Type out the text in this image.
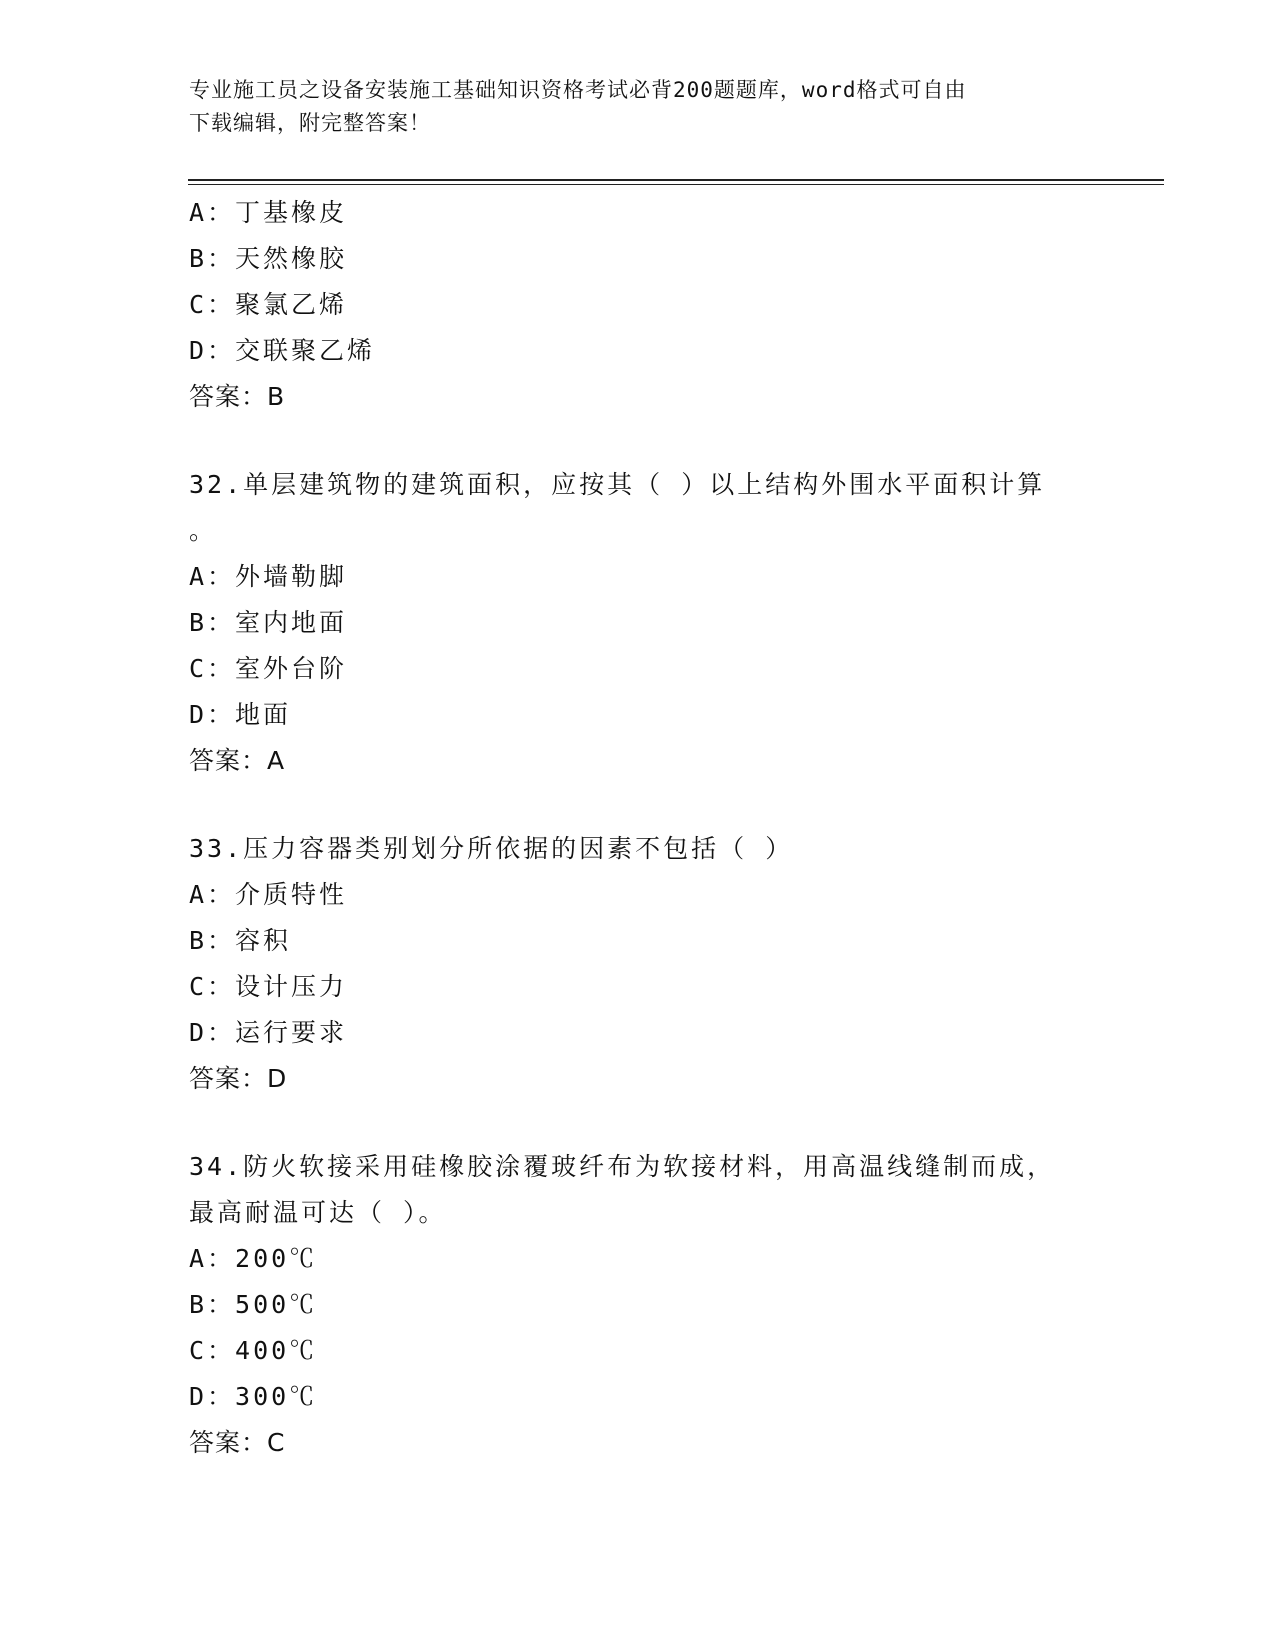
专业施工员之设备安装施工基础知识资格考试必背200题题库，word格式可自由
下载编辑，附完整答案！
A：丁基橡皮
B：天然橡胶
C：聚氯乙烯
D：交联聚乙烯
答案：B
32.单层建筑物的建筑面积，应按其（ ）以上结构外围水平面积计算
。
A：外墙勒脚
B：室内地面
C：室外台阶
D：地面
答案：A
33.压力容器类别划分所依据的因素不包括（ ）
A：介质特性
B：容积
C：设计压力
D：运行要求
答案：D
34.防火软接采用硅橡胶涂覆玻纤布为软接材料，用高温线缝制而成，
最高耐温可达（ ）。
A：200℃
B：500℃
C：400℃
D：300℃
答案：C
